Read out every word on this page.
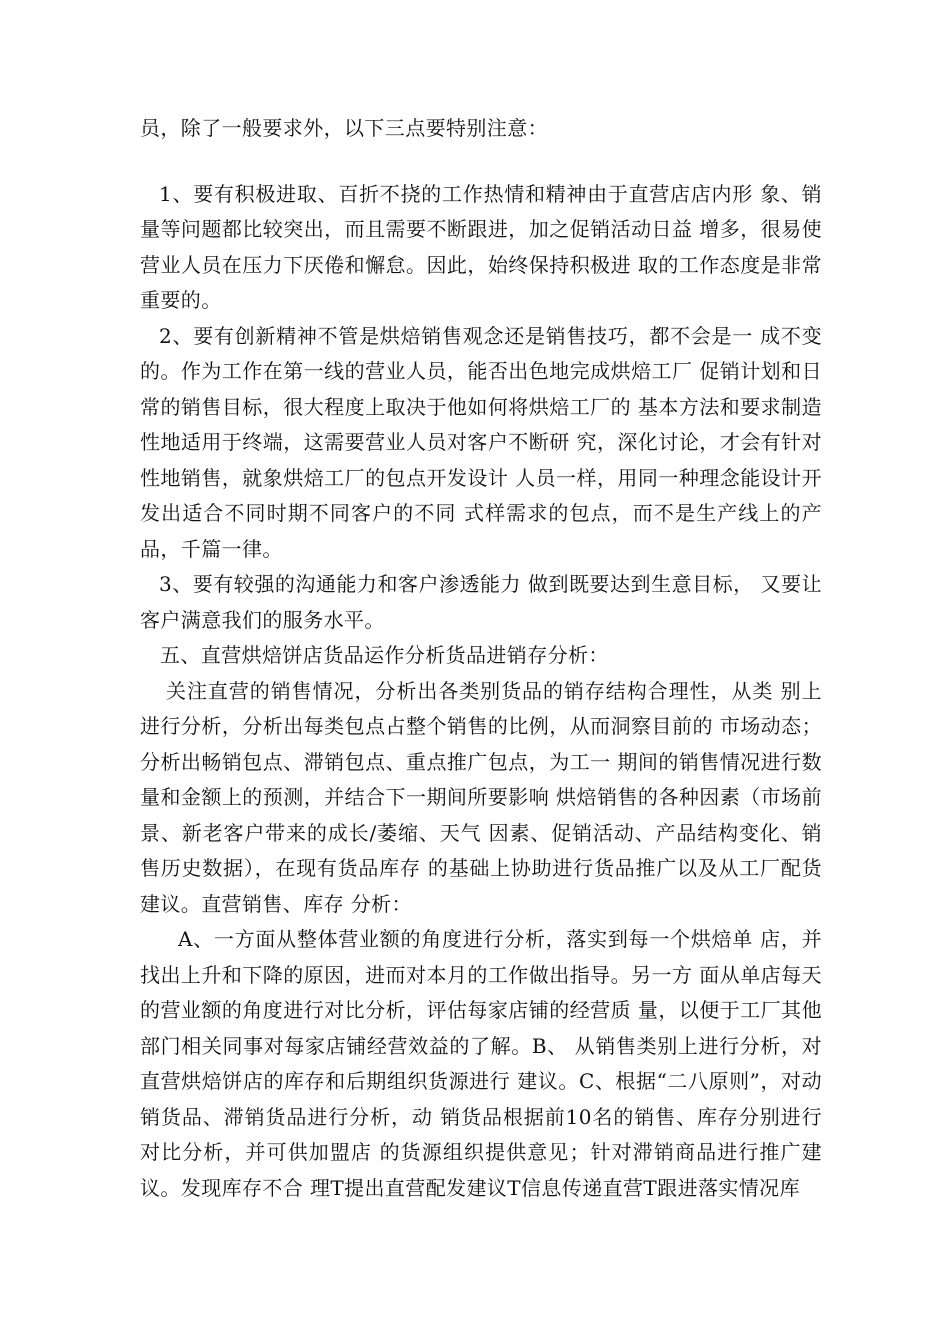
员，除了一般要求外，以下三点要特别注意：

1、要有积极进取、百折不挠的工作热情和精神由于直营店店内形 象、销量等问题都比较突出，而且需要不断跟进，加之促销活动日益 增多，很易使营业人员在压力下厌倦和懈怠。因此，始终保持积极进 取的工作态度是非常重要的。

2、要有创新精神不管是烘焙销售观念还是销售技巧，都不会是一 成不变的。作为工作在第一线的营业人员，能否出色地完成烘焙工厂 促销计划和日常的销售目标，很大程度上取决于他如何将烘焙工厂的 基本方法和要求制造性地适用于终端，这需要营业人员对客户不断研 究，深化讨论，才会有针对性地销售，就象烘焙工厂的包点开发设计 人员一样，用同一种理念能设计开发出适合不同时期不同客户的不同 式样需求的包点，而不是生产线上的产品，千篇一律。

3、要有较强的沟通能力和客户渗透能力 做到既要达到生意目标， 又要让客户满意我们的服务水平。

五、直营烘焙饼店货品运作分析货品进销存分析：

关注直营的销售情况，分析出各类别货品的销存结构合理性，从类 别上进行分析，分析出每类包点占整个销售的比例，从而洞察目前的 市场动态；分析出畅销包点、滞销包点、重点推广包点，为工一 期间的销售情况进行数量和金额上的预测，并结合下一期间所要影响 烘焙销售的各种因素（市场前景、新老客户带来的成长/萎缩、天气 因素、促销活动、产品结构变化、销售历史数据），在现有货品库存 的基础上协助进行货品推广以及从工厂配货建议。直营销售、库存 分析：

A、一方面从整体营业额的角度进行分析，落实到每一个烘焙单 店，并找出上升和下降的原因，进而对本月的工作做出指导。另一方 面从单店每天的营业额的角度进行对比分析，评估每家店铺的经营质 量，以便于工厂其他部门相关同事对每家店铺经营效益的了解。B、 从销售类别上进行分析，对直营烘焙饼店的库存和后期组织货源进行 建议。C、根据“二八原则”，对动销货品、滞销货品进行分析，动 销货品根据前10名的销售、库存分别进行对比分析，并可供加盟店 的货源组织提供意见；针对滞销商品进行推广建议。发现库存不合 理T提出直营配发建议T信息传递直营T跟进落实情况库
